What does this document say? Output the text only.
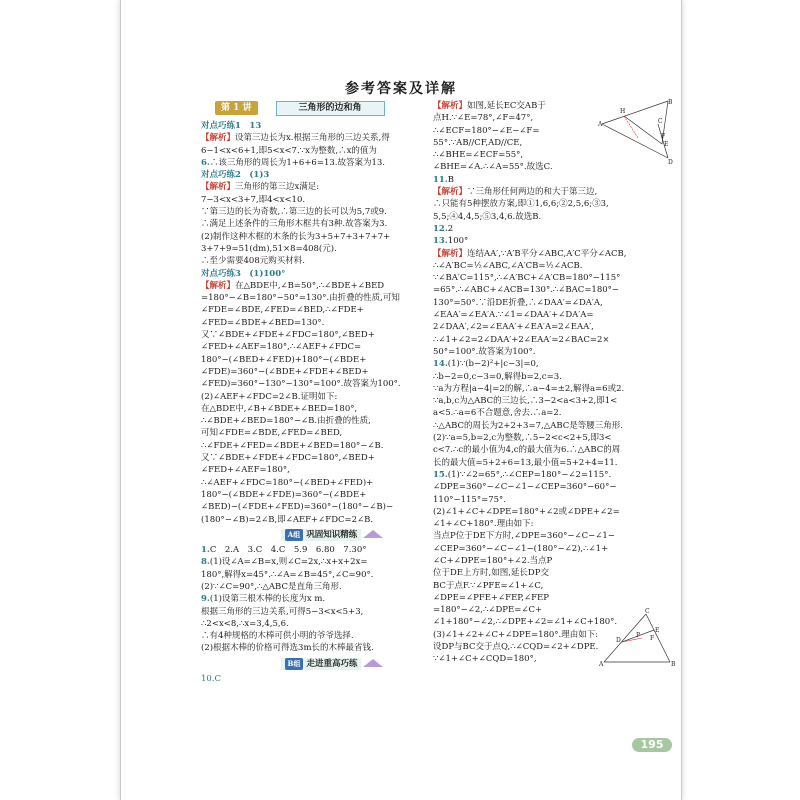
参考答案及详解
第 1 讲	三角形的边和角
对点巧练1　13
【解析】设第三边长为x.根据三角形的三边关系,得
6−1<x<6+1,即5<x<7.∵x为整数,∴x的值为
6.∴该三角形的周长为1+6+6=13.故答案为13.
对点巧练2　(1)3
【解析】三角形的第三边x满足:
7−3<x<3+7,即4<x<10.
∵第三边的长为奇数,∴第三边的长可以为5,7或9.
∴满足上述条件的三角形木框共有3种.故答案为3.
(2)制作这种木框的木条的长为3+5+7+3+7+7+
3+7+9=51(dm),51×8=408(元).
∴至少需要408元购买材料.
对点巧练3　(1)100°
【解析】在△BDE中,∠B=50°,∴∠BDE+∠BED
=180°−∠B=180°−50°=130°.由折叠的性质,可知
∠FDE=∠BDE,∠FED=∠BED,∴∠FDE+
∠FED=∠BDE+∠BED=130°.
又∵∠BDE+∠FDE+∠FDC=180°,∠BED+
∠FED+∠AEF=180°,∴∠AEF+∠FDC=
180°−(∠BED+∠FED)+180°−(∠BDE+
∠FDE)=360°−(∠BDE+∠FDE+∠BED+
∠FED)=360°−130°−130°=100°.故答案为100°.
(2)∠AEF+∠FDC=2∠B.证明如下:
在△BDE中,∠B+∠BDE+∠BED=180°,
∴∠BDE+∠BED=180°−∠B.由折叠的性质,
可知∠FDE=∠BDE,∠FED=∠BED,
∴∠FDE+∠FED=∠BDE+∠BED=180°−∠B.
又∵∠BDE+∠FDE+∠FDC=180°,∠BED+
∠FED+∠AEF=180°,
∴∠AEF+∠FDC=180°−(∠BED+∠FED)+
180°−(∠BDE+∠FDE)=360°−(∠BDE+
∠BED)−(∠FDE+∠FED)=360°−(180°−∠B)−
(180°−∠B)=2∠B,即∠AEF+∠FDC=2∠B.
A组 巩固知识精练
1.C　2.A　3.C　4.C　5.9　6.80　7.30°
8.(1)设∠A=∠B=x,则∠C=2x,∴x+x+2x=
180°,解得x=45°.∴∠A=∠B=45°,∠C=90°.
(2)∵∠C=90°,∴△ABC是直角三角形.
9.(1)设第三根木棒的长度为x m.
根据三角形的三边关系,可得5−3<x<5+3,
∴2<x<8,∴x=3,4,5,6.
∴有4种规格的木棒可供小明的爷爷选择.
(2)根据木棒的价格可得选3m长的木棒最省钱.
B组 走进重高巧练
10.C
【解析】如图,延长EC交AB于
点H.∵∠E=78°,∠F=47°,
∴∠ECF=180°−∠E−∠F=
55°.∵AB//CF,AD//CE,
∴∠BHE=∠ECF=55°,
∠BHE=∠A.∴∠A=55°.故选C.
11.B
【解析】∵三角形任何两边的和大于第三边,
∴只能有5种摆放方案,即①1,6,6;②2,5,6;③3,
5,5;④4,4,5;⑤3,4,6.故选B.
12.2
13.100°
【解析】连结AA′,∵A′B平分∠ABC,A′C平分∠ACB,
∴∠A′BC=½∠ABC,∠A′CB=½∠ACB.
∵∠BA′C=115°,∴∠A′BC+∠A′CB=180°−115°
=65°.∴∠ABC+∠ACB=130°.∴∠BAC=180°−
130°=50°.∵沿DE折叠,∴∠DAA′=∠DA′A,
∠EAA′=∠EA′A.∵∠1=∠DAA′+∠DA′A=
2∠DAA′,∠2=∠EAA′+∠EA′A=2∠EAA′,
∴∠1+∠2=2∠DAA′+2∠EAA′=2∠BAC=2×
50°=100°.故答案为100°.
14.(1)∵(b−2)²+|c−3|=0,
∴b−2=0,c−3=0,解得b=2,c=3.
∵a为方程|a−4|=2的解,∴a−4=±2,解得a=6或2.
∵a,b,c为△ABC的三边长,∴3−2<a<3+2,即1<
a<5.∴a=6不合题意,舍去.∴a=2.
∴△ABC的周长为2+2+3=7,△ABC是等腰三角形.
(2)∵a=5,b=2,c为整数,∴5−2<c<2+5,即3<
c<7.∴c的最小值为4,c的最大值为6.∴△ABC的周
长的最大值=5+2+6=13,最小值=5+2+4=11.
15.(1)∵∠2=65°,∴∠CEP=180°−∠2=115°.
∠DPE=360°−∠C−∠1−∠CEP=360°−60°−
110°−115°=75°.
(2)∠1+∠C+∠DPE=180°+∠2或∠DPE+∠2=
∠1+∠C+180°.理由如下:
当点P位于DE下方时,∠DPE=360°−∠C−∠1−
∠CEP=360°−∠C−∠1−(180°−∠2),∴∠1+
∠C+∠DPE=180°+∠2.当点P
位于DE上方时,如图,延长DP交
BC于点F.∵∠PFE=∠1+∠C,
∠DPE=∠PFE+∠FEP,∠FEP
=180°−∠2,∴∠DPE=∠C+
∠1+180°−∠2,∴∠DPE+∠2=∠1+∠C+180°.
(3)∠1+∠2+∠C+∠DPE=180°.理由如下:
设DP与BC交于点Q,∴∠CQD=∠2+∠DPE.
∵∠1+∠C+∠CQD=180°,
A
H
B
C
E
D
F
A	B
C
D
E
P F
195
